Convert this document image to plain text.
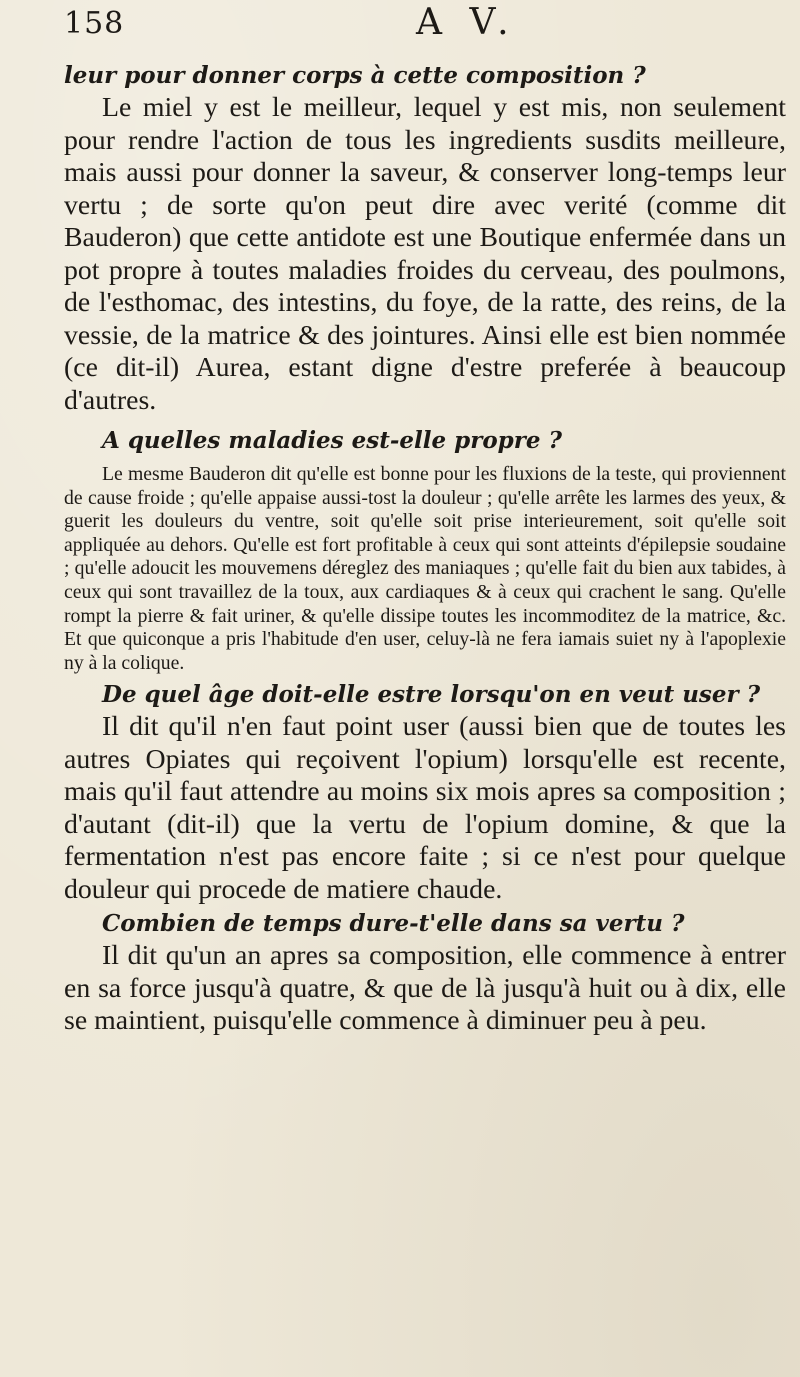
158	A V.

leur pour donner corps à cette composition ?

Le miel y est le meilleur, lequel y est mis, non seulement pour rendre l'action de tous les ingredients susdits meilleure, mais aussi pour donner la saveur, & conserver long-temps leur vertu ; de sorte qu'on peut dire avec verité (comme dit Bauderon) que cette antidote est une Boutique enfermée dans un pot propre à toutes maladies froides du cerveau, des poulmons, de l'esthomac, des intestins, du foye, de la ratte, des reins, de la vessie, de la matrice & des jointures. Ainsi elle est bien nommée (ce dit-il) Aurea, estant digne d'estre preferée à beaucoup d'autres.

A quelles maladies est-elle propre ?

Le mesme Bauderon dit qu'elle est bonne pour les fluxions de la teste, qui proviennent de cause froide ; qu'elle appaise aussi-tost la douleur ; qu'elle arrête les larmes des yeux, & guerit les douleurs du ventre, soit qu'elle soit prise interieurement, soit qu'elle soit appliquée au dehors. Qu'elle est fort profitable à ceux qui sont atteints d'épilepsie soudaine ; qu'elle adoucit les mouvemens déreglez des maniaques ; qu'elle fait du bien aux tabides, à ceux qui sont travaillez de la toux, aux cardiaques & à ceux qui crachent le sang. Qu'elle rompt la pierre & fait uriner, & qu'elle dissipe toutes les incommoditez de la matrice, &c. Et que quiconque a pris l'habitude d'en user, celuy-là ne fera iamais suiet ny à l'apoplexie ny à la colique.

De quel âge doit-elle estre lorsqu'on en veut user ?

Il dit qu'il n'en faut point user (aussi bien que de toutes les autres Opiates qui reçoivent l'opium) lorsqu'elle est recente, mais qu'il faut attendre au moins six mois apres sa composition ; d'autant (dit-il) que la vertu de l'opium domine, & que la fermentation n'est pas encore faite ; si ce n'est pour quelque douleur qui procede de matiere chaude.

Combien de temps dure-t'elle dans sa vertu ?

Il dit qu'un an apres sa composition, elle commence à entrer en sa force jusqu'à quatre, & que de là jusqu'à huit ou à dix, elle se maintient, puisqu'elle commence à diminuer peu à peu.
